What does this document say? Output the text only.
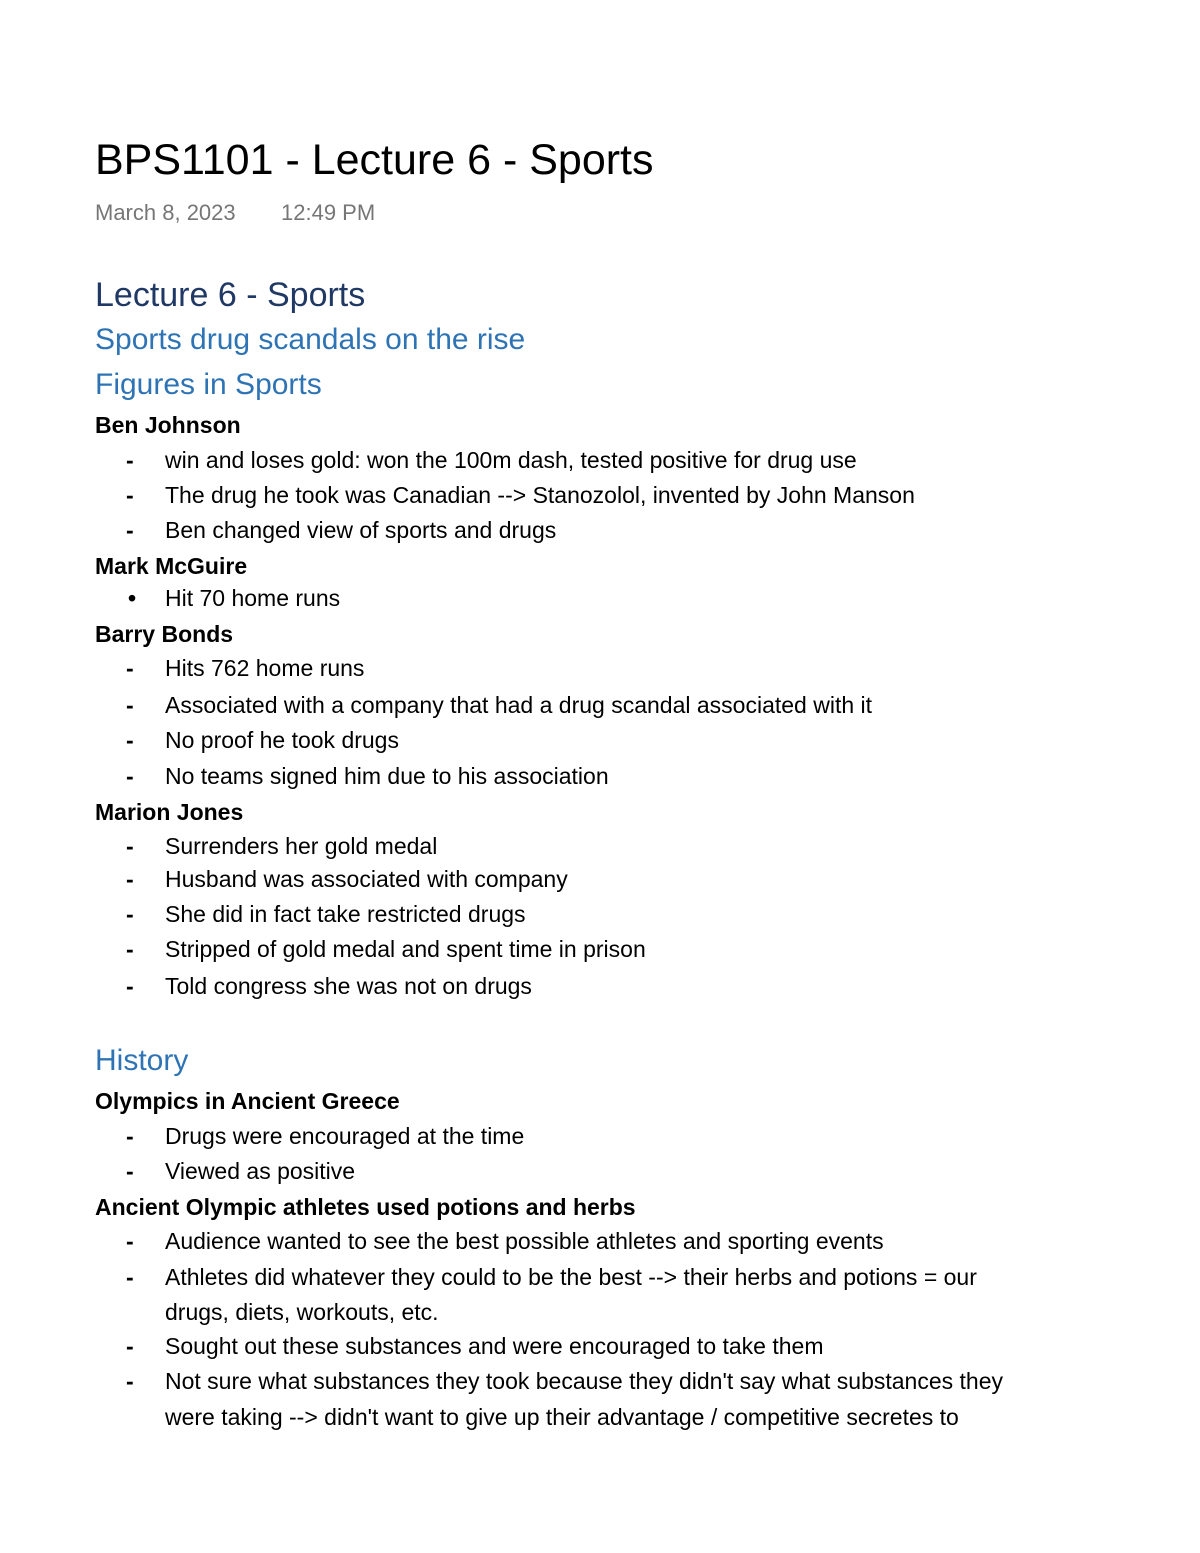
BPS1101 - Lecture 6 - Sports
March 8, 2023 12:49 PM
Lecture 6 - Sports
Sports drug scandals on the rise
Figures in Sports
Ben Johnson
- win and loses gold: won the 100m dash, tested positive for drug use
- The drug he took was Canadian --> Stanozolol, invented by John Manson
- Ben changed view of sports and drugs
Mark McGuire
• Hit 70 home runs
Barry Bonds
- Hits 762 home runs
- Associated with a company that had a drug scandal associated with it
- No proof he took drugs
- No teams signed him due to his association
Marion Jones
- Surrenders her gold medal
- Husband was associated with company
- She did in fact take restricted drugs
- Stripped of gold medal and spent time in prison
- Told congress she was not on drugs
History
Olympics in Ancient Greece
- Drugs were encouraged at the time
- Viewed as positive
Ancient Olympic athletes used potions and herbs
- Audience wanted to see the best possible athletes and sporting events
- Athletes did whatever they could to be the best --> their herbs and potions = our
drugs, diets, workouts, etc.
- Sought out these substances and were encouraged to take them
- Not sure what substances they took because they didn't say what substances they
were taking --> didn't want to give up their advantage / competitive secretes to
